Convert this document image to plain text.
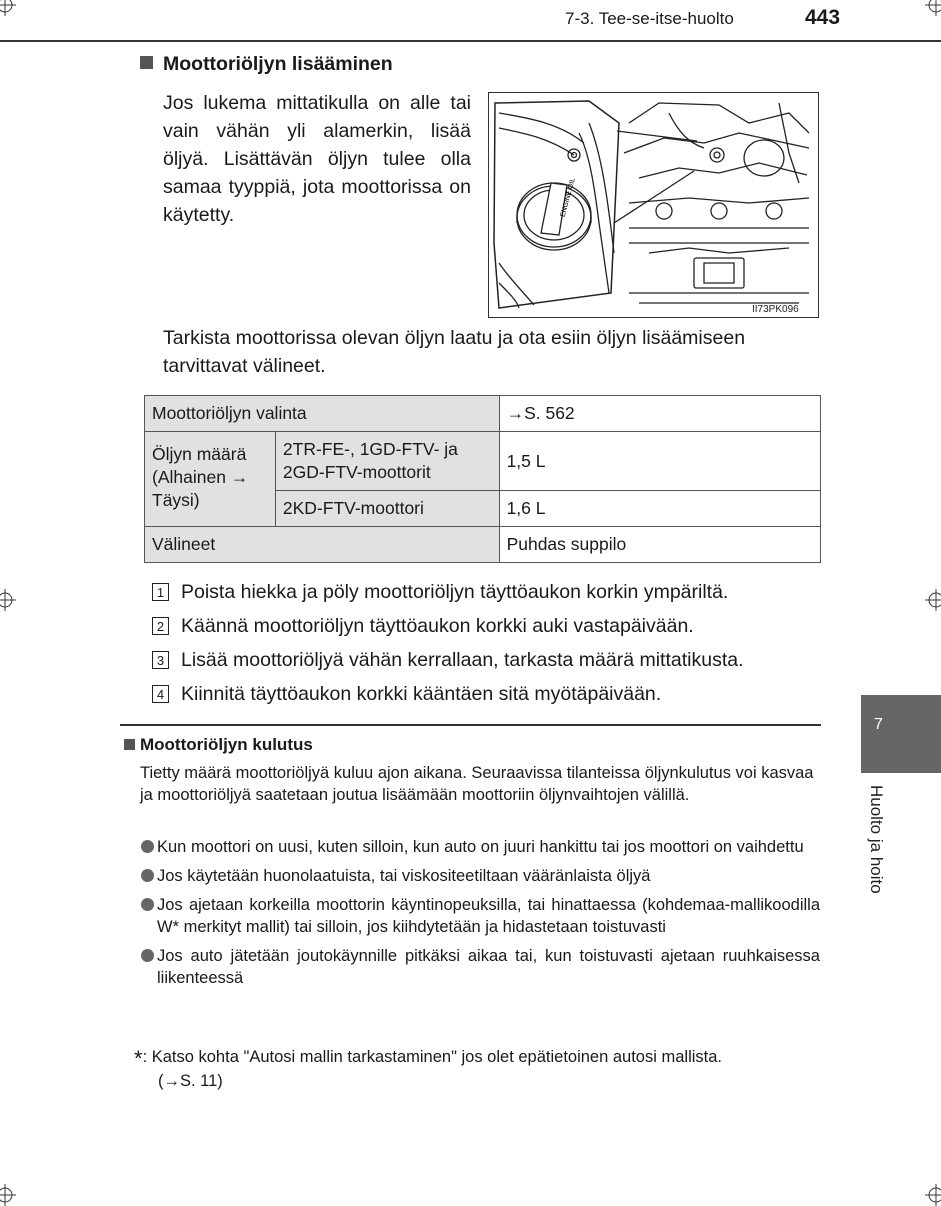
7-3. Tee-se-itse-huolto	443
Moottoriöljyn lisääminen
Jos lukema mittatikulla on alle tai vain vähän yli alamerkin, lisää öljyä. Lisättävän öljyn tulee olla samaa tyyppiä, jota moottorissa on käytetty.	ENGINE OIL
II73PK096
Tarkista moottorissa olevan öljyn laatu ja ota esiin öljyn lisäämiseen tarvittavat välineet.
Moottoriöljyn valinta		→S. 562
Öljyn määrä (Alhainen → Täysi)	2TR-FE-, 1GD-FTV- ja 2GD-FTV-moottorit	1,5 L
	2KD-FTV-moottori	1,6 L
Välineet		Puhdas suppilo
1 Poista hiekka ja pöly moottoriöljyn täyttöaukon korkin ympäriltä.
2 Käännä moottoriöljyn täyttöaukon korkki auki vastapäivään.
3 Lisää moottoriöljyä vähän kerrallaan, tarkasta määrä mittatikusta.
4 Kiinnitä täyttöaukon korkki kääntäen sitä myötäpäivään.
Moottoriöljyn kulutus
Tietty määrä moottoriöljyä kuluu ajon aikana. Seuraavissa tilanteissa öljynkulutus voi kasvaa ja moottoriöljyä saatetaan joutua lisäämään moottoriin öljynvaihtojen välillä.
Kun moottori on uusi, kuten silloin, kun auto on juuri hankittu tai jos moottori on vaihdettu
Jos käytetään huonolaatuista, tai viskositeetiltaan vääränlaista öljyä
Jos ajetaan korkeilla moottorin käyntinopeuksilla, tai hinattaessa (kohdemaa-mallikoodilla W* merkityt mallit) tai silloin, jos kiihdytetään ja hidastetaan toistuvasti
Jos auto jätetään joutokäynnille pitkäksi aikaa tai, kun toistuvasti ajetaan ruuhkaisessa liikenteessä
*: Katso kohta "Autosi mallin tarkastaminen" jos olet epätietoinen autosi mallista.
(→S. 11)
7
Huolto ja hoito
